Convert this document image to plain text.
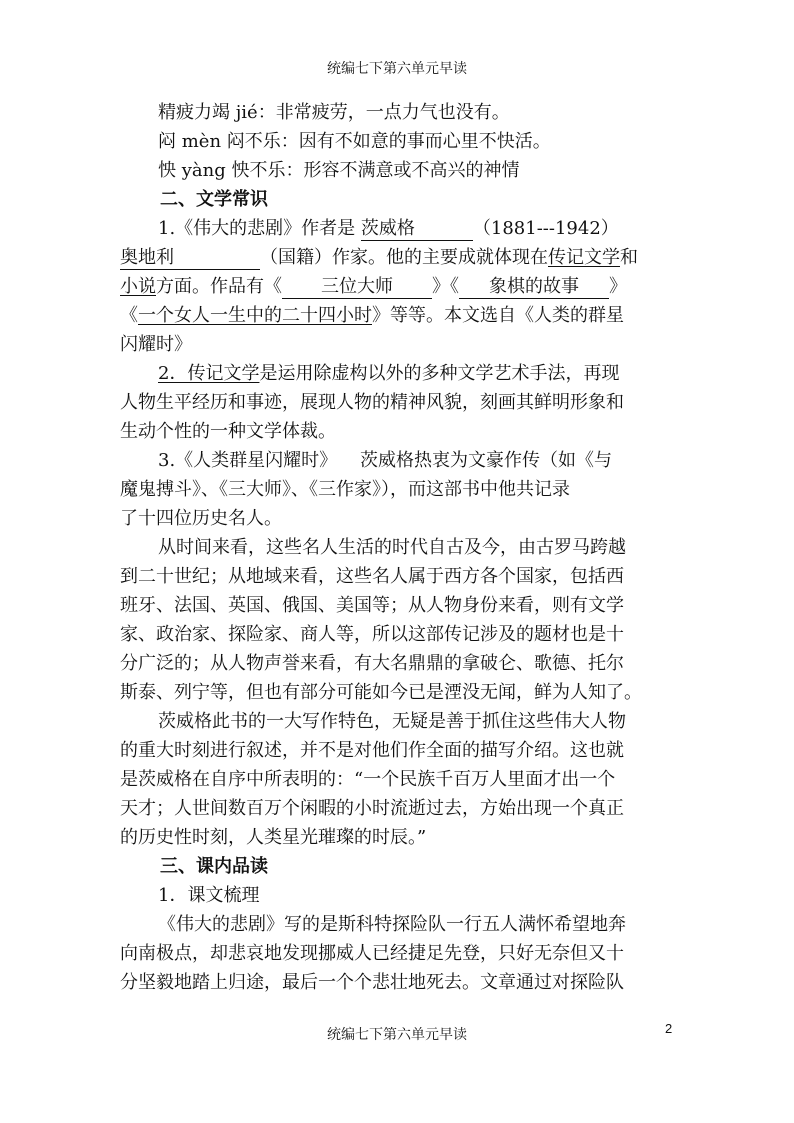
统编七下第六单元早读
精疲力竭 jié：非常疲劳，一点力气也没有。
闷 mèn 闷不乐：因有不如意的事而心里不快活。
怏 yàng 怏不乐：形容不满意或不高兴的神情
二、文学常识
1.《伟大的悲剧》作者是 茨威格	（1881---1942）
奥地利	（国籍）作家。他的主要成就体现在传记文学和
小说方面。作品有《 三位大师 》《 象棋的故事 》
《一个女人一生中的二十四小时》等等。本文选自《人类的群星
闪耀时》
2．传记文学是运用除虚构以外的多种文学艺术手法，再现
人物生平经历和事迹，展现人物的精神风貌，刻画其鲜明形象和
生动个性的一种文学体裁。
3.《人类群星闪耀时》    茨威格热衷为文豪作传（如《与
魔鬼搏斗》、《三大师》、《三作家》），而这部书中他共记录
了十四位历史名人。
从时间来看，这些名人生活的时代自古及今，由古罗马跨越
到二十世纪；从地域来看，这些名人属于西方各个国家，包括西
班牙、法国、英国、俄国、美国等；从人物身份来看，则有文学
家、政治家、探险家、商人等，所以这部传记涉及的题材也是十
分广泛的；从人物声誉来看，有大名鼎鼎的拿破仑、歌德、托尔
斯泰、列宁等，但也有部分可能如今已是湮没无闻，鲜为人知了。
茨威格此书的一大写作特色，无疑是善于抓住这些伟大人物
的重大时刻进行叙述，并不是对他们作全面的描写介绍。这也就
是茨威格在自序中所表明的：“一个民族千百万人里面才出一个
天才；人世间数百万个闲暇的小时流逝过去，方始出现一个真正
的历史性时刻，人类星光璀璨的时辰。”
三、课内品读
1．课文梳理
《伟大的悲剧》写的是斯科特探险队一行五人满怀希望地奔
向南极点，却悲哀地发现挪威人已经捷足先登，只好无奈但又十
分坚毅地踏上归途，最后一个个悲壮地死去。文章通过对探险队
统编七下第六单元早读	2
